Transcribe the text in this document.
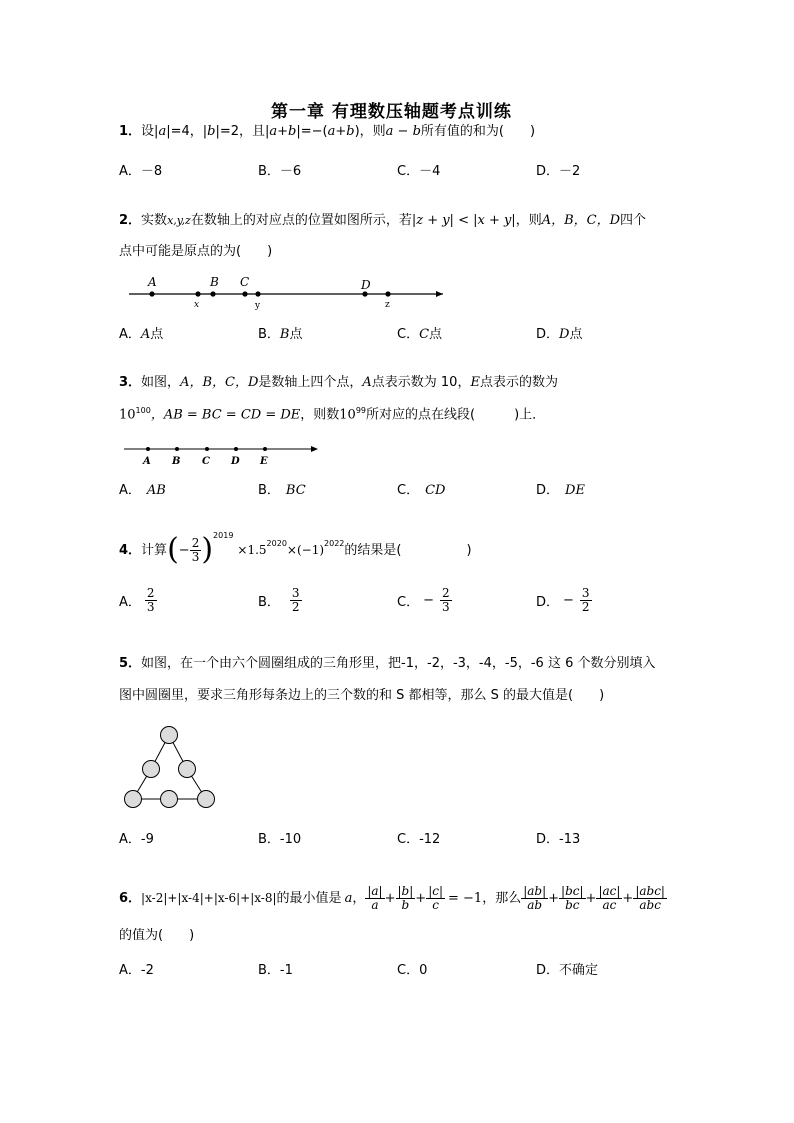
第一章 有理数压轴题考点训练
1．设|a|=4，|b|=2，且|a+b|=−(a+b)，则a − b所有值的和为(　　)
A．－8	B．－6	C．－4	D．－2
2．实数x,y,z在数轴上的对应点的位置如图所示，若|z + y| < |x + y|，则A，B，C，D四个
点中可能是原点的为(　　)
A	B C	D
x	y	z
A．A点	B．B点	C．C点	D．D点
3．如图，A，B，C，D是数轴上四个点，A点表示数为 10，E点表示的数为
$10^{100}$，AB = BC = CD = DE，则数$10^{99}$所对应的点在线段(　　　)上．
A B C D E
A． AB	B． BC	C． CD	D． DE
4． 计算 ( − $\frac{2}{3} )^{2019}$
$\times 1.5^{2020} \times(-1)^{2022}$ 的结果是(　　　　　)
A． $\frac{2}{3}$	B． $\frac{3}{2}$	C． − $\frac{2}{3}$	D． − $\frac{3}{2}$
5．如图，在一个由六个圆圈组成的三角形里，把-1，-2，-3，-4，-5，-6 这 6 个数分别填入
图中圆圈里，要求三角形每条边上的三个数的和 S 都相等，那么 S 的最大值是(　　)
A．-9	B．-10	C．-12	D．-13
6． |x-2|+|x-4|+|x-6|+|x-8| 的最小值是 a ， $\frac{|a|}{a} + \frac{|b|}{b} + \frac{|c|}{c} = -1$ ，那么 $\frac{|ab|}{ab} + \frac{|bc|}{bc} + \frac{|ac|}{ac} + \frac{\text{|abc|}}{\text{abc}}$
的值为(　　)
A．-2	B．-1	C．0	D．不确定
